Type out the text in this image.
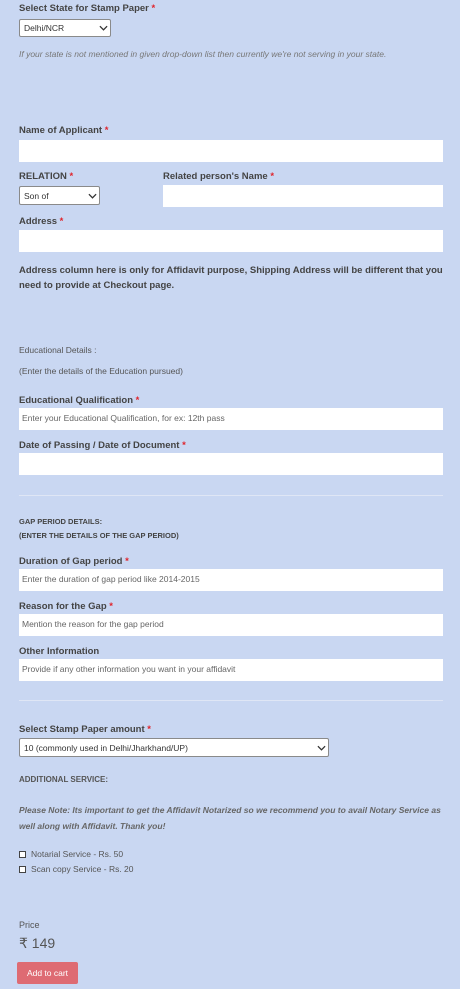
Select State for Stamp Paper *
Delhi/NCR
If your state is not mentioned in given drop-down list then currently we're not serving in your state.
Name of Applicant *
RELATION *
Son of
Related person's Name *
Address *
Address column here is only for Affidavit purpose, Shipping Address will be different that you need to provide at Checkout page.
Educational Details :
(Enter the details of the Education pursued)
Educational Qualification *
Enter your Educational Qualification, for ex: 12th pass
Date of Passing / Date of Document *
GAP PERIOD DETAILS:
(ENTER THE DETAILS OF THE GAP PERIOD)
Duration of Gap period *
Enter the duration of gap period like 2014-2015
Reason for the Gap *
Mention the reason for the gap period
Other Information
Provide if any other information you want in your affidavit
Select Stamp Paper amount *
10 (commonly used in Delhi/Jharkhand/UP)
ADDITIONAL SERVICE:
Please Note: Its important to get the Affidavit Notarized so we recommend you to avail Notary Service as well along with Affidavit. Thank you!
Notarial Service - Rs. 50
Scan copy Service - Rs. 20
Price
₹ 149
Add to cart
